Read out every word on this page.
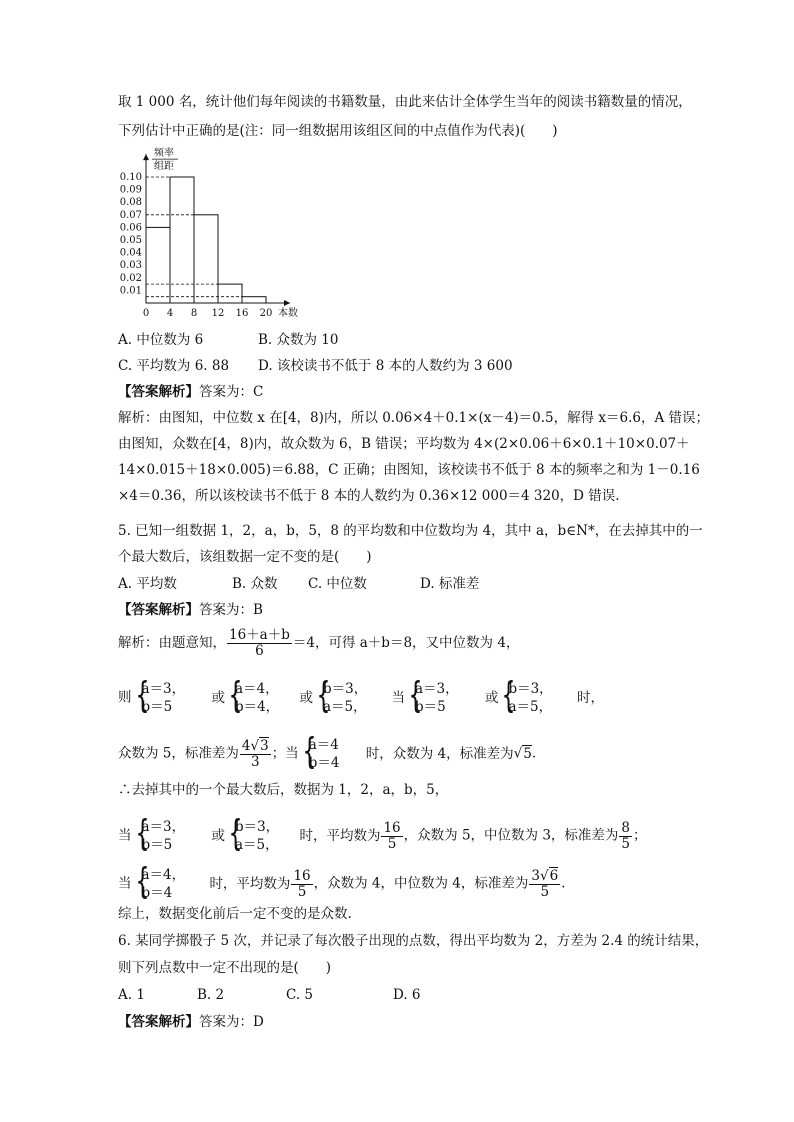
取 1 000 名，统计他们每年阅读的书籍数量，由此来估计全体学生当年的阅读书籍数量的情况，
下列估计中正确的是(注：同一组数据用该组区间的中点值作为代表)(　　)
0.10
0.09
0.08
0.07
0.06
0.05
0.04
0.03
0.02
0.01
0 4 8 12 16 20
频率
组距
本数
A. 中位数为 6	B. 众数为 10
C. 平均数为 6. 88 D. 该校读书不低于 8 本的人数约为 3 600
【答案解析】答案为：C
解析：由图知，中位数 x 在[4，8)内，所以 0.06×4＋0.1×(x－4)＝0.5，解得 x＝6.6，A 错误；
由图知，众数在[4，8)内，故众数为 6，B 错误；平均数为 4×(2×0.06＋6×0.1＋10×0.07＋
14×0.015＋18×0.005)＝6.88，C 正确；由图知，该校读书不低于 8 本的频率之和为 1－0.16
×4＝0.36，所以该校读书不低于 8 本的人数约为 0.36×12 000＝4 320，D 错误.
5. 已知一组数据 1，2，a，b，5，8 的平均数和中位数均为 4，其中 a，b∈N*，在去掉其中的一
个最大数后，该组数据一定不变的是(　　)
A. 平均数	B. 众数 C. 中位数	D. 标准差
【答案解析】答案为：B
解析：由题意知， $\frac{16+a+b}{6} =4$，可得 a＋b＝8，又中位数为 4，
则
{ a＝3，
b＝5
或
{ a＝4，
b＝4，
或
{ b＝3，
a＝5，
当
{ a＝3，
b＝5
或
{ b＝3，
a＝5，
时，
众数为 5，标准差为 $\frac{4√3}{3}$ ；当
{ a＝4
b＝4
时，众数为 4，标准差为√5.
∴去掉其中的一个最大数后，数据为 1，2，a，b，5，
当
{ a＝3，
b＝5
或
{ b＝3，
a＝5，
时，平均数为 $\frac{16}{5}$ ，众数为 5，中位数为 3，标准差为 $\frac{8}{5}$ ；
当
{ a＝4，
b＝4
时，平均数为 $\frac{16}{5}$ ，众数为 4，中位数为 4，标准差为 $\frac{3√6}{5}$ .
综上，数据变化前后一定不变的是众数.
6. 某同学掷骰子 5 次，并记录了每次骰子出现的点数，得出平均数为 2，方差为 2.4 的统计结果，
则下列点数中一定不出现的是(　　)
A. 1	B. 2	C. 5	D. 6
【答案解析】答案为：D
